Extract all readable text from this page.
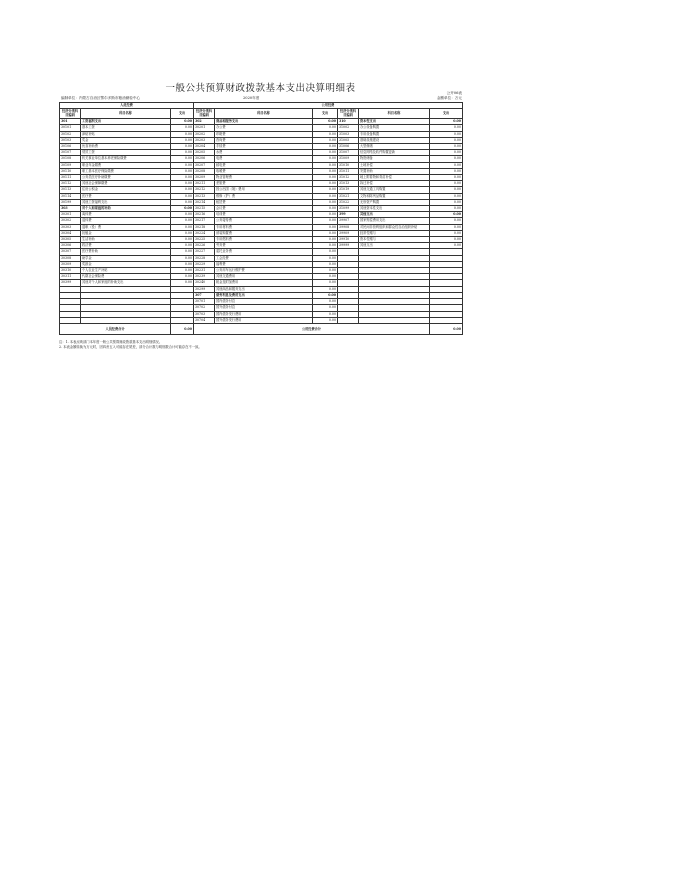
一般公共预算财政拨款基本支出决算明细表	公开06表
编制单位：内蒙古自治区鄂尔多斯市粮油储检中心	2020年度	金额单位：万元
人员经费			公用经费					
经济分类科目编码	科目名称	支出	经济分类科目编码	科目名称	支出	经济分类科目编码	科目名称	支出
301	工资福利支出	0.00	302	商品和服务支出	0.00	310	资本性支出	0.00
30101	基本工资	0.00	30201	办公费	0.00	31002	办公设备购置	0.00
30102	津贴补贴	0.00	30202	印刷费	0.00	31003	专用设备购置	0.00
30103	奖金	0.00	30203	咨询费	0.00	31005	基础设施建设	0.00
30106	伙食补助费	0.00	30204	手续费	0.00	31006	大型修缮	0.00
30107	绩效工资	0.00	30205	水费	0.00	31007	信息网络及软件购置更新	0.00
30108	机关事业单位基本养老保险缴费	0.00	30206	电费	0.00	31009	物资储备	0.00
30109	职业年金缴费	0.00	30207	邮电费	0.00	31010	土地补偿	0.00
30110	职工基本医疗保险缴费	0.00	30208	取暖费	0.00	31011	安置补助	0.00
30111	公务员医疗补助缴费	0.00	30209	物业管理费	0.00	31012	地上附着物和青苗补偿	0.00
30112	其他社会保障缴费	0.00	30211	差旅费	0.00	31013	拆迁补偿	0.00
30113	住房公积金	0.00	30212	因公出国（境）费用	0.00	31019	其他交通工具购置	0.00
30114	医疗费	0.00	30213	维修（护）费	0.00	31021	文物和陈列品购置	0.00
30199	其他工资福利支出	0.00	30214	租赁费	0.00	31022	无形资产购置	0.00
303	对个人和家庭的补助	0.00	30215	会议费	0.00	31099	其他资本性支出	0.00
30301	离休费	0.00	30216	培训费	0.00	399	其他支出	0.00
30302	退休费	0.00	30217	公务接待费	0.00	39907	国家赔偿费用支出	0.00
30303	退职（役）费	0.00	30218	专用材料费	0.00	39908	对民间非营利组织和群众性自治组织补贴	0.00
30304	抚恤金	0.00	30224	被装购置费	0.00	39909	经常性赠与	0.00
30305	生活补助	0.00	30225	专用燃料费	0.00	39910	资本性赠与	0.00
30306	救济费	0.00	30226	劳务费	0.00	39999	其他支出	0.00
30307	医疗费补助	0.00	30227	委托业务费	0.00			
30308	助学金	0.00	30228	工会经费	0.00			
30309	奖励金	0.00	30229	福利费	0.00			
30310	个人农业生产补贴	0.00	30231	公务用车运行维护费	0.00			
30311	代缴社会保险费	0.00	30239	其他交通费用	0.00			
30399	其他对个人和家庭的补助支出	0.00	30240	税金及附加费用	0.00			
			30299	其他商品和服务支出	0.00			
			307	债务利息及费用支出	0.00			
			30701	国内债务付息	0.00			
			30702	国外债务付息	0.00			
			30703	国内债务发行费用	0.00			
			30704	国外债务发行费用	0.00			
人员经费合计		0.00	公用经费合计					0.00
注：1. 本表反映部门本年度一般公共预算财政拨款基本支出明细情况。
2. 本表金额转换为万元时，因四舍五入可能存在尾差，部分合计数与明细数合计可能存在不一致。
